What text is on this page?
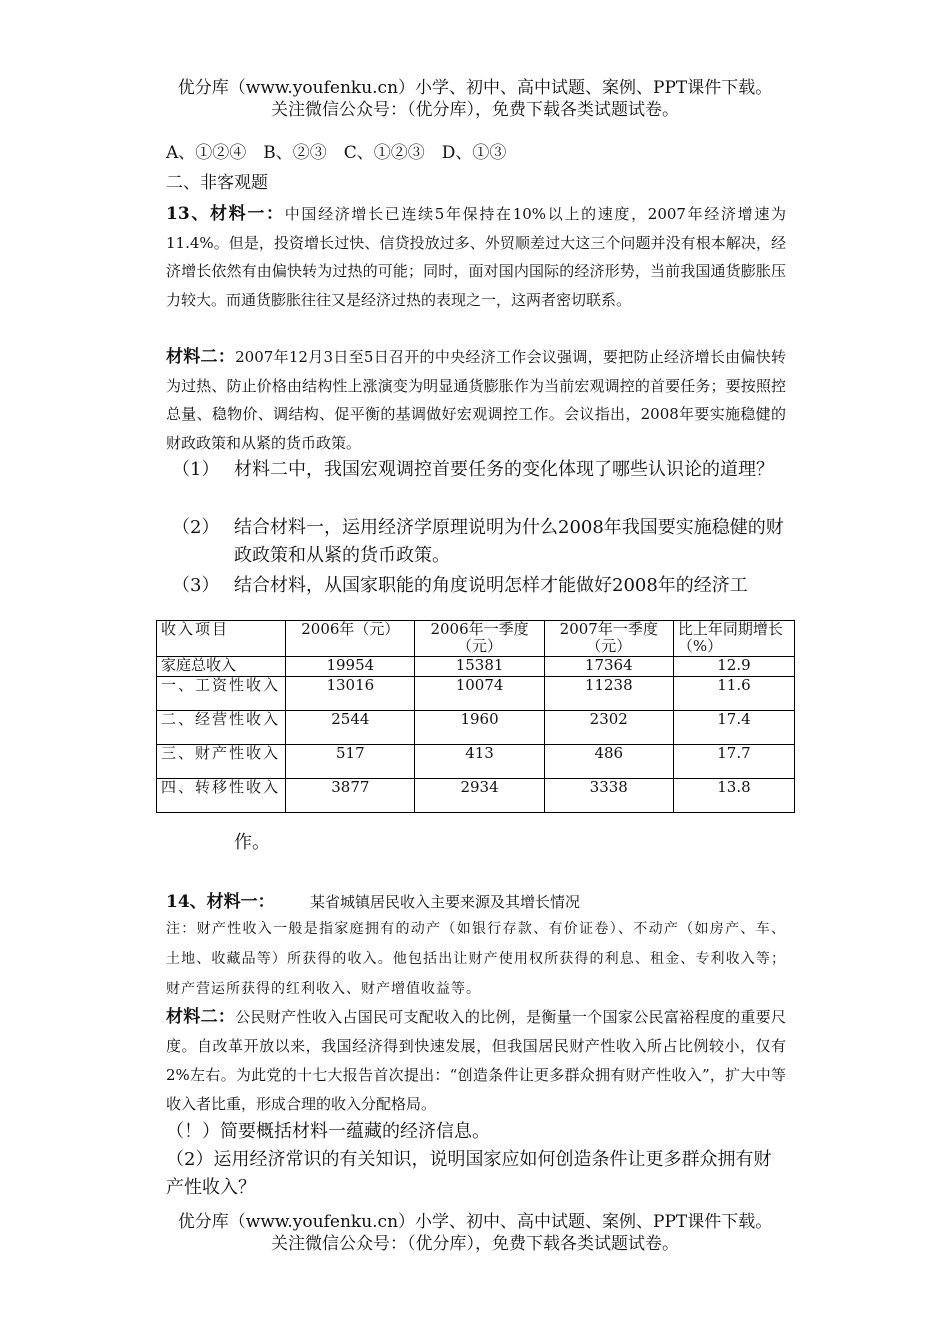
优分库（www.youfenku.cn）小学、初中、高中试题、案例、PPT课件下载。
关注微信公众号：（优分库），免费下载各类试题试卷。
A、①②④　B、②③　C、①②③　D、①③
二、非客观题

13、材料一：中国经济增长已连续5年保持在10%以上的速度，2007年经济增速为11.4%。但是，投资增长过快、信贷投放过多、外贸顺差过大这三个问题并没有根本解决，经济增长依然有由偏快转为过热的可能；同时，面对国内国际的经济形势，当前我国通货膨胀压力较大。而通货膨胀往往又是经济过热的表现之一，这两者密切联系。

材料二：2007年12月3日至5日召开的中央经济工作会议强调，要把防止经济增长由偏快转为过热、防止价格由结构性上涨演变为明显通货膨胀作为当前宏观调控的首要任务；要按照控总量、稳物价、调结构、促平衡的基调做好宏观调控工作。会议指出，2008年要实施稳健的财政政策和从紧的货币政策。

（1） 材料二中，我国宏观调控首要任务的变化体现了哪些认识论的道理？
（2） 结合材料一，运用经济学原理说明为什么2008年我国要实施稳健的财政政策和从紧的货币政策。
（3） 结合材料，从国家职能的角度说明怎样才能做好2008年的经济工
收入项目	2006年（元）	2006年一季度（元）	2007年一季度（元）	比上年同期增长（%）
家庭总收入	19954	15381	17364	12.9
一、工资性收入	13016	10074	11238	11.6
二、经营性收入	2544	1960	2302	17.4
三、财产性收入	517	413	486	17.7
四、转移性收入	3877	2934	3338	13.8
作。
14、材料一： 某省城镇居民收入主要来源及其增长情况
注：财产性收入一般是指家庭拥有的动产（如银行存款、有价证卷）、不动产（如房产、车、土地、收藏品等）所获得的收入。他包括出让财产使用权所获得的利息、租金、专利收入等；财产营运所获得的红利收入、财产增值收益等。

材料二：公民财产性收入占国民可支配收入的比例，是衡量一个国家公民富裕程度的重要尺度。自改革开放以来，我国经济得到快速发展，但我国居民财产性收入所占比例较小，仅有2%左右。为此党的十七大报告首次提出：“创造条件让更多群众拥有财产性收入”，扩大中等收入者比重，形成合理的收入分配格局。

（！）简要概括材料一蕴藏的经济信息。
（2）运用经济常识的有关知识，说明国家应如何创造条件让更多群众拥有财产性收入？
优分库（www.youfenku.cn）小学、初中、高中试题、案例、PPT课件下载。
关注微信公众号：（优分库），免费下载各类试题试卷。
